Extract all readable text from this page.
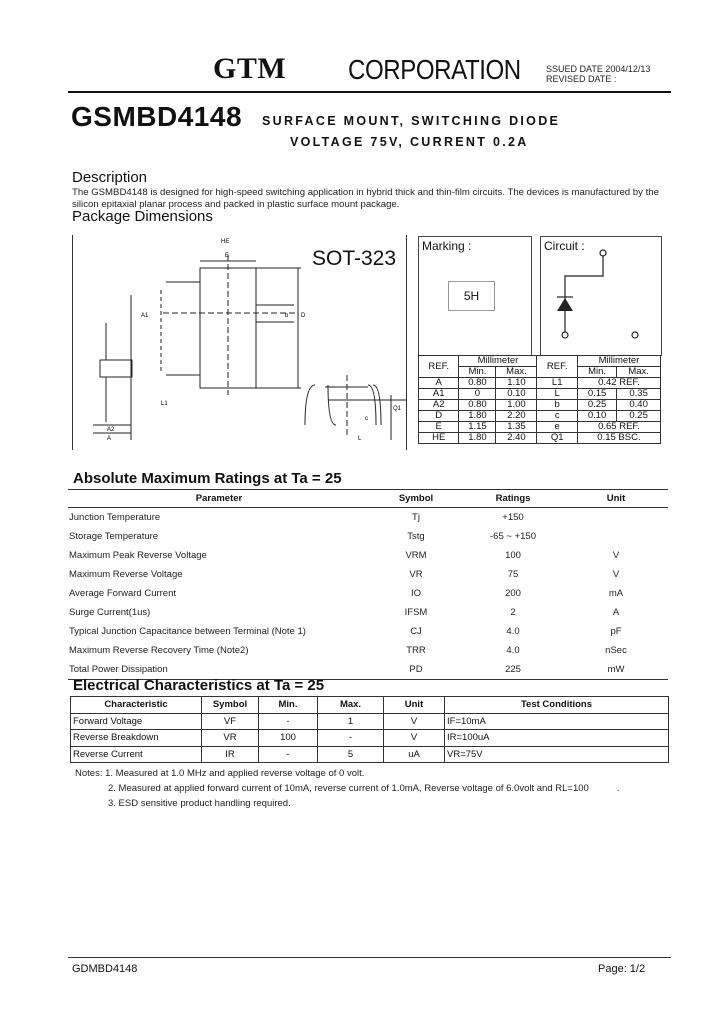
GTM CORPORATION	SSUED DATE 2004/12/13
REVISED DATE :
GSMBD4148 SURFACE MOUNT, SWITCHING DIODE
VOLTAGE 75V, CURRENT 0.2A
Description
The GSMBD4148 is designed for high-speed switching application in hybrid thick and thin-film circuits. The devices is manufactured by the silicon epitaxial planar process and packed in plastic surface mount package.
Package Dimensions
HE
E
A1	D
b
L1
A2
A	L
c
Q1
SOT-323
Marking :
5H
Circuit :
REF.	Millimeter		REF.	Millimeter	
	Min.	Max.		Min.	Max.
A	0.80	1.10	L1	0.42 REF.	
A1	0	0.10	L	0.15	0.35
A2	0.80	1.00	b	0.25	0.40
D	1.80	2.20	c	0.10	0.25
E	1.15	1.35	e	0.65 REF.	
HE	1.80	2.40	Q1	0.15 BSC.	
Absolute Maximum Ratings at Ta = 25
Parameter	Symbol	Ratings	Unit
Junction Temperature	Tj	+150	
Storage Temperature	Tstg	-65 ~ +150	
Maximum Peak Reverse Voltage	VRM	100	V
Maximum Reverse Voltage	VR	75	V
Average Forward Current	IO	200	mA
Surge Current(1us)	IFSM	2	A
Typical Junction Capacitance between Terminal (Note 1)	CJ	4.0	pF
Maximum Reverse Recovery Time (Note2)	TRR	4.0	nSec
Total Power Dissipation	PD	225	mW
Electrical Characteristics at Ta = 25
Characteristic	Symbol	Min.	Max.	Unit	Test Conditions
Forward Voltage	VF	-	1	V	IF=10mA
Reverse Breakdown	VR	100	-	V	IR=100uA
Reverse Current	IR	-	5	uA	VR=75V
Notes: 1. Measured at 1.0 MHz and applied reverse voltage of 0 volt.
2. Measured at applied forward current of 10mA, reverse current of 1.0mA, Reverse voltage of 6.0volt and RL=100	.
3. ESD sensitive product handling required.
GDMBD4148	Page: 1/2
